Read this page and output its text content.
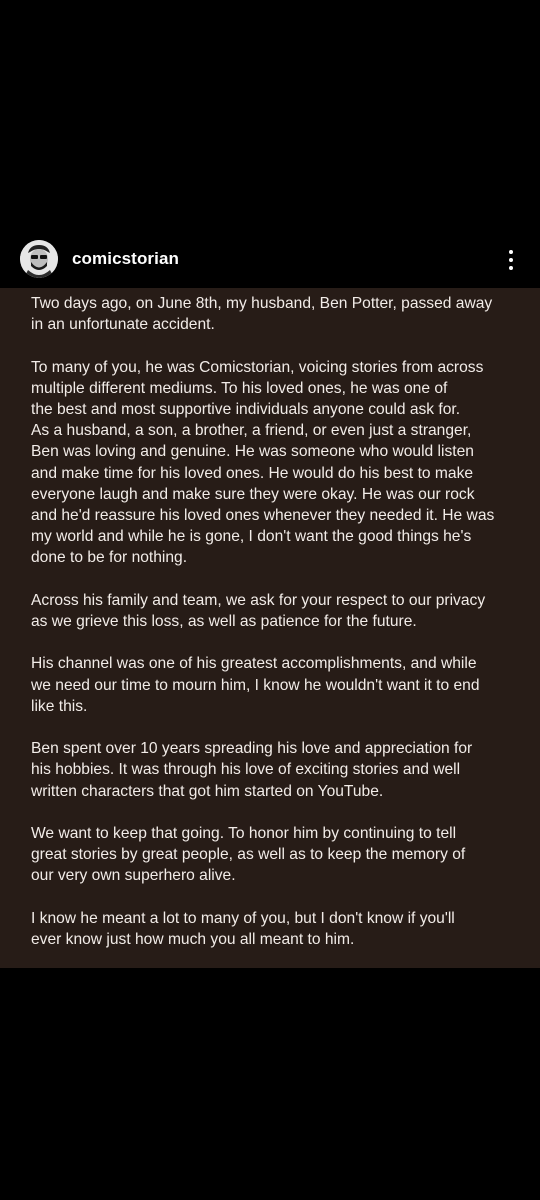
comicstorian

Two days ago, on June 8th, my husband, Ben Potter, passed away
in an unfortunate accident.

To many of you, he was Comicstorian, voicing stories from across
multiple different mediums. To his loved ones, he was one of
the best and most supportive individuals anyone could ask for.
As a husband, a son, a brother, a friend, or even just a stranger,
Ben was loving and genuine. He was someone who would listen
and make time for his loved ones. He would do his best to make
everyone laugh and make sure they were okay. He was our rock
and he'd reassure his loved ones whenever they needed it. He was
my world and while he is gone, I don't want the good things he's
done to be for nothing.

Across his family and team, we ask for your respect to our privacy
as we grieve this loss, as well as patience for the future.

His channel was one of his greatest accomplishments, and while
we need our time to mourn him, I know he wouldn't want it to end
like this.

Ben spent over 10 years spreading his love and appreciation for
his hobbies. It was through his love of exciting stories and well
written characters that got him started on YouTube.

We want to keep that going. To honor him by continuing to tell
great stories by great people, as well as to keep the memory of
our very own superhero alive.

I know he meant a lot to many of you, but I don't know if you'll
ever know just how much you all meant to him.
